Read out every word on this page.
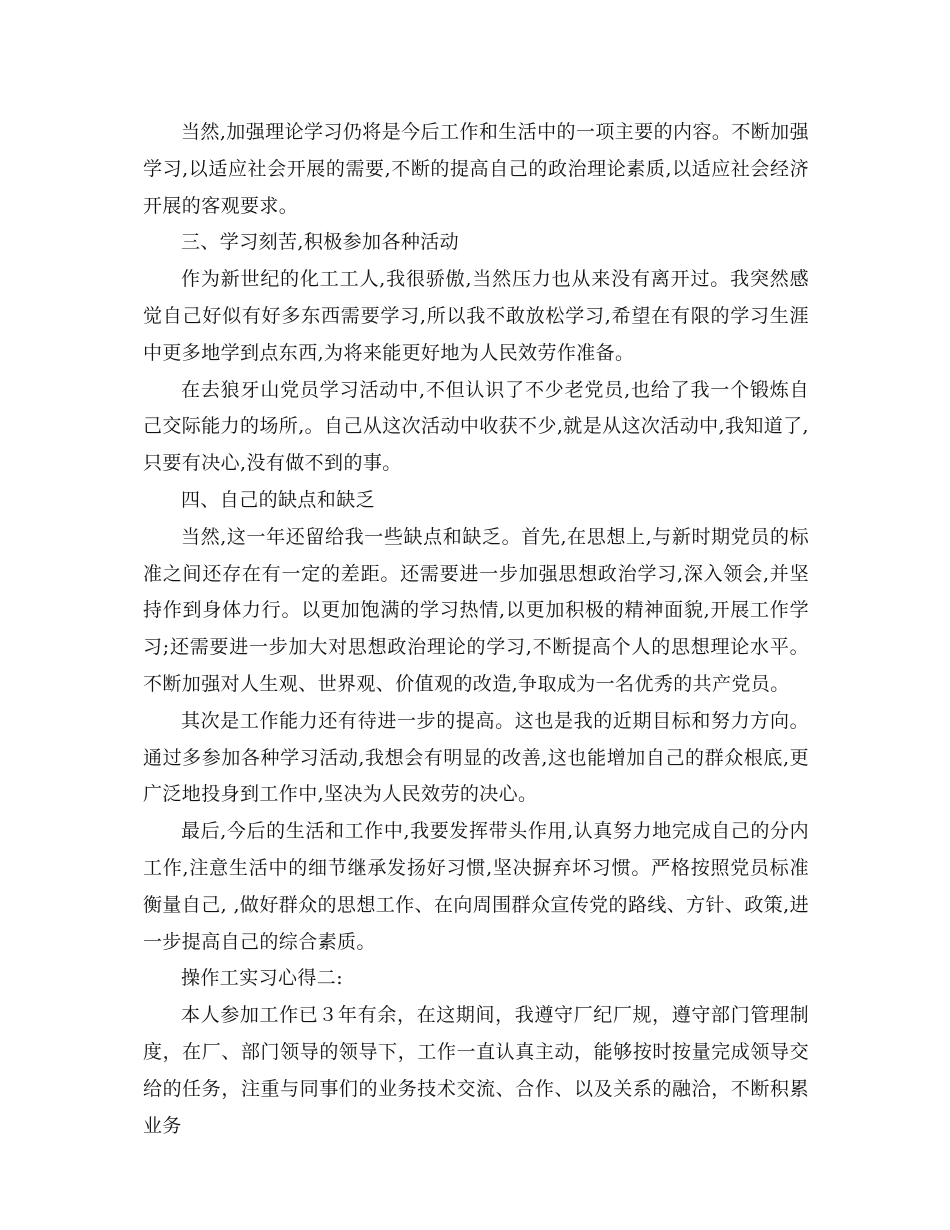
当然,加强理论学习仍将是今后工作和生活中的一项主要的内容。不断加强学习,以适应社会开展的需要,不断的提高自己的政治理论素质,以适应社会经济开展的客观要求。

三、学习刻苦,积极参加各种活动

作为新世纪的化工工人,我很骄傲,当然压力也从来没有离开过。我突然感觉自己好似有好多东西需要学习,所以我不敢放松学习,希望在有限的学习生涯中更多地学到点东西,为将来能更好地为人民效劳作准备。

在去狼牙山党员学习活动中,不但认识了不少老党员,也给了我一个锻炼自己交际能力的场所,。自己从这次活动中收获不少,就是从这次活动中,我知道了,只要有决心,没有做不到的事。

四、自己的缺点和缺乏

当然,这一年还留给我一些缺点和缺乏。首先,在思想上,与新时期党员的标准之间还存在有一定的差距。还需要进一步加强思想政治学习,深入领会,并坚持作到身体力行。以更加饱满的学习热情,以更加积极的精神面貌,开展工作学习;还需要进一步加大对思想政治理论的学习,不断提高个人的思想理论水平。不断加强对人生观、世界观、价值观的改造,争取成为一名优秀的共产党员。

其次是工作能力还有待进一步的提高。这也是我的近期目标和努力方向。通过多参加各种学习活动,我想会有明显的改善,这也能增加自己的群众根底,更广泛地投身到工作中,坚决为人民效劳的决心。

最后,今后的生活和工作中,我要发挥带头作用,认真努力地完成自己的分内工作,注意生活中的细节继承发扬好习惯,坚决摒弃坏习惯。严格按照党员标准衡量自己, ,做好群众的思想工作、在向周围群众宣传党的路线、方针、政策,进一步提高自己的综合素质。

操作工实习心得二:

本人参加工作已３年有余，在这期间，我遵守厂纪厂规，遵守部门管理制度，在厂、部门领导的领导下，工作一直认真主动，能够按时按量完成领导交给的任务，注重与同事们的业务技术交流、合作、以及关系的融洽，不断积累业务
